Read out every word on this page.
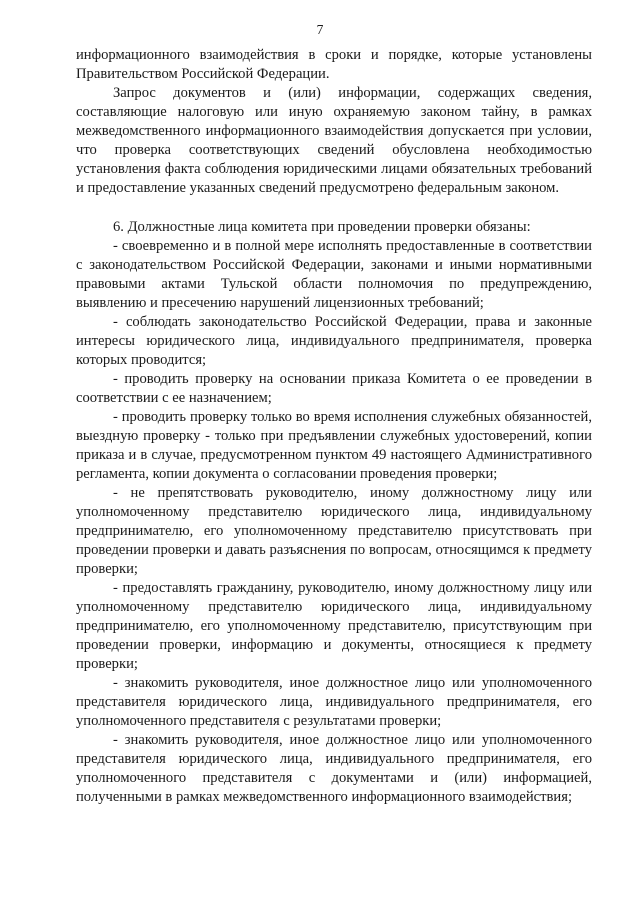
7

информационного взаимодействия в сроки и порядке, которые установлены Правительством Российской Федерации.

Запрос документов и (или) информации, содержащих сведения, составляющие налоговую или иную охраняемую законом тайну, в рамках межведомственного информационного взаимодействия допускается при условии, что проверка соответствующих сведений обусловлена необходимостью установления факта соблюдения юридическими лицами обязательных требований и предоставление указанных сведений предусмотрено федеральным законом.

6. Должностные лица комитета при проведении проверки обязаны:

- своевременно и в полной мере исполнять предоставленные в соответствии с законодательством Российской Федерации, законами и иными нормативными правовыми актами Тульской области полномочия по предупреждению, выявлению и пресечению нарушений лицензионных требований;

- соблюдать законодательство Российской Федерации, права и законные интересы юридического лица, индивидуального предпринимателя, проверка которых проводится;

- проводить проверку на основании приказа Комитета о ее проведении в соответствии с ее назначением;

- проводить проверку только во время исполнения служебных обязанностей, выездную проверку - только при предъявлении служебных удостоверений, копии приказа и в случае, предусмотренном пунктом 49 настоящего Административного регламента, копии документа о согласовании проведения проверки;

- не препятствовать руководителю, иному должностному лицу или уполномоченному представителю юридического лица, индивидуальному предпринимателю, его уполномоченному представителю присутствовать при проведении проверки и давать разъяснения по вопросам, относящимся к предмету проверки;

- предоставлять гражданину, руководителю, иному должностному лицу или уполномоченному представителю юридического лица, индивидуальному предпринимателю, его уполномоченному представителю, присутствующим при проведении проверки, информацию и документы, относящиеся к предмету проверки;

- знакомить руководителя, иное должностное лицо или уполномоченного представителя юридического лица, индивидуального предпринимателя, его уполномоченного представителя с результатами проверки;

- знакомить руководителя, иное должностное лицо или уполномоченного представителя юридического лица, индивидуального предпринимателя, его уполномоченного представителя с документами и (или) информацией, полученными в рамках межведомственного информационного взаимодействия;
